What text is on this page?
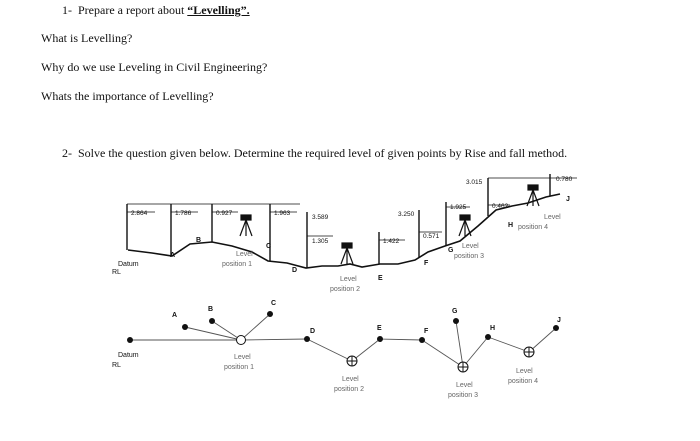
1- Prepare a report about “Levelling”.
What is Levelling?
Why do we use Leveling in Civil Engineering?
Whats the importance of Levelling?
2- Solve the question given below. Determine the required level of given points by Rise and fall method.
2.864	1.786	0.927	1.963
3.589
1.305	1.422
3.250
0.571
1.925
3.015
0.462
0.780
A
B
C
D
E
F
G
H
J
Datum
RL
Level
position 1
Level
position 2
Level
position 3
Level
position 4
A
B
C
D	E	F
G
H
J
Datum
RL
Level
position 1
Level
position 2
Level
position 3
Level
position 4
